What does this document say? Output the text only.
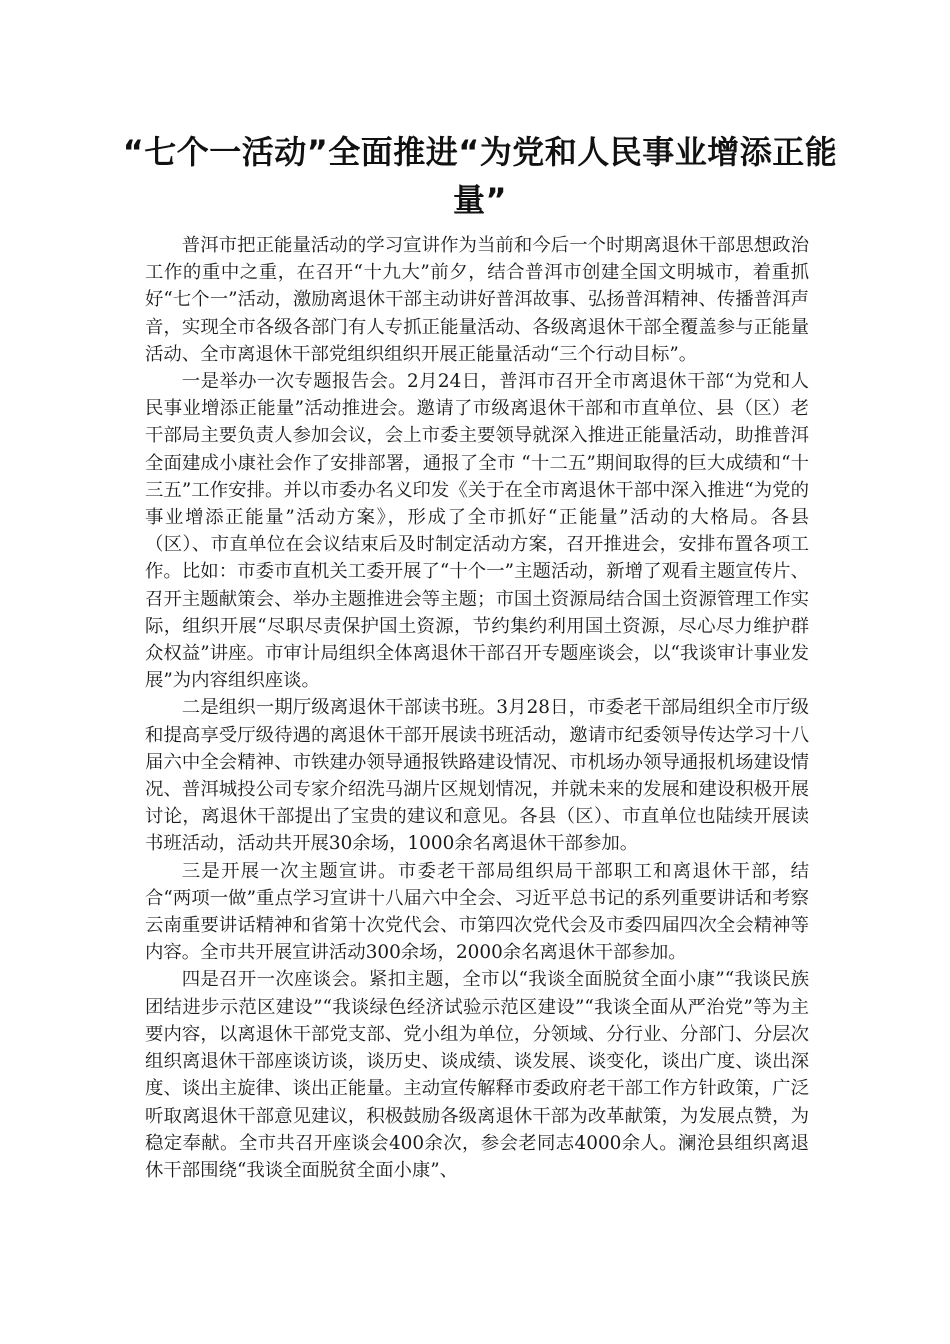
“七个一活动”全面推进“为党和人民事业增添正能量”

普洱市把正能量活动的学习宣讲作为当前和今后一个时期离退休干部思想政治工作的重中之重，在召开“十九大”前夕，结合普洱市创建全国文明城市，着重抓好“七个一”活动，激励离退休干部主动讲好普洱故事、弘扬普洱精神、传播普洱声音，实现全市各级各部门有人专抓正能量活动、各级离退休干部全覆盖参与正能量活动、全市离退休干部党组织组织开展正能量活动“三个行动目标”。

一是举办一次专题报告会。2月24日，普洱市召开全市离退休干部“为党和人民事业增添正能量”活动推进会。邀请了市级离退休干部和市直单位、县（区）老干部局主要负责人参加会议，会上市委主要领导就深入推进正能量活动，助推普洱全面建成小康社会作了安排部署，通报了全市 “十二五”期间取得的巨大成绩和“十三五”工作安排。并以市委办名义印发《关于在全市离退休干部中深入推进“为党的事业增添正能量”活动方案》，形成了全市抓好“正能量”活动的大格局。各县（区）、市直单位在会议结束后及时制定活动方案，召开推进会，安排布置各项工作。比如：市委市直机关工委开展了“十个一”主题活动，新增了观看主题宣传片、召开主题献策会、举办主题推进会等主题；市国土资源局结合国土资源管理工作实际，组织开展“尽职尽责保护国土资源，节约集约利用国土资源，尽心尽力维护群众权益”讲座。市审计局组织全体离退休干部召开专题座谈会，以“我谈审计事业发展”为内容组织座谈。

二是组织一期厅级离退休干部读书班。3月28日，市委老干部局组织全市厅级和提高享受厅级待遇的离退休干部开展读书班活动，邀请市纪委领导传达学习十八届六中全会精神、市铁建办领导通报铁路建设情况、市机场办领导通报机场建设情况、普洱城投公司专家介绍洗马湖片区规划情况，并就未来的发展和建设积极开展讨论，离退休干部提出了宝贵的建议和意见。各县（区）、市直单位也陆续开展读书班活动，活动共开展30余场，1000余名离退休干部参加。

三是开展一次主题宣讲。市委老干部局组织局干部职工和离退休干部，结合“两项一做”重点学习宣讲十八届六中全会、习近平总书记的系列重要讲话和考察云南重要讲话精神和省第十次党代会、市第四次党代会及市委四届四次全会精神等内容。全市共开展宣讲活动300余场，2000余名离退休干部参加。

四是召开一次座谈会。紧扣主题，全市以“我谈全面脱贫全面小康”“我谈民族团结进步示范区建设”“我谈绿色经济试验示范区建设”“我谈全面从严治党”等为主要内容，以离退休干部党支部、党小组为单位，分领域、分行业、分部门、分层次组织离退休干部座谈访谈，谈历史、谈成绩、谈发展、谈变化，谈出广度、谈出深度、谈出主旋律、谈出正能量。主动宣传解释市委政府老干部工作方针政策，广泛听取离退休干部意见建议，积极鼓励各级离退休干部为改革献策，为发展点赞，为稳定奉献。全市共召开座谈会400余次，参会老同志4000余人。澜沧县组织离退休干部围绕“我谈全面脱贫全面小康”、
